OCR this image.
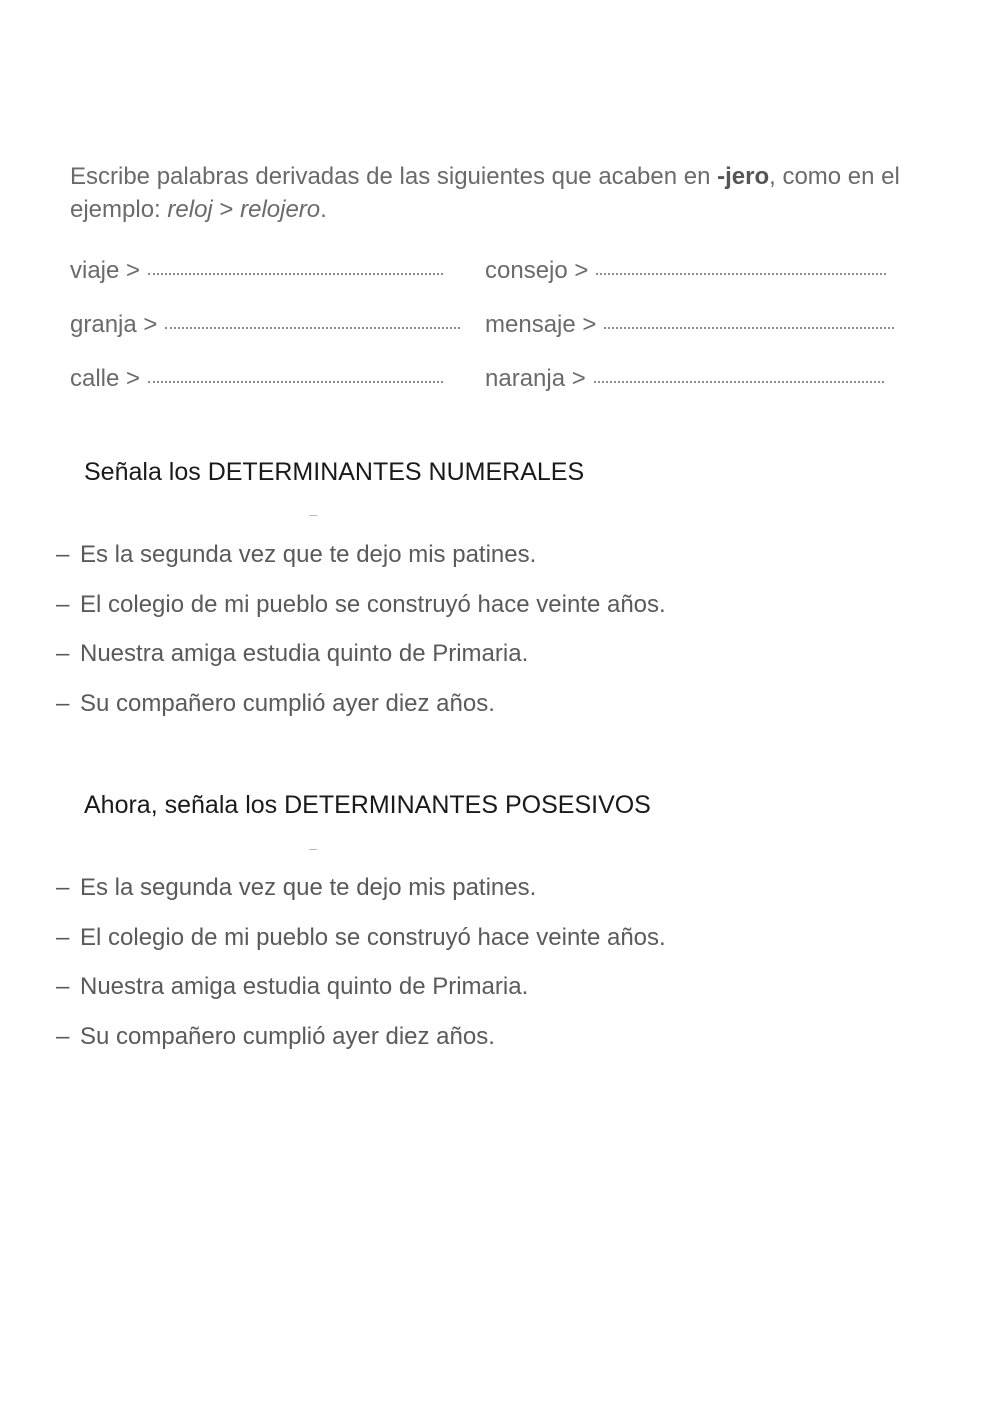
Escribe palabras derivadas de las siguientes que acaben en -jero, como en el ejemplo: reloj > relojero.

viaje >	consejo >
granja >	mensaje >
calle >	naranja >

Señala los DETERMINANTES NUMERALES

– Es la segunda vez que te dejo mis patines.
– El colegio de mi pueblo se construyó hace veinte años.
– Nuestra amiga estudia quinto de Primaria.
– Su compañero cumplió ayer diez años.

Ahora, señala los DETERMINANTES POSESIVOS

– Es la segunda vez que te dejo mis patines.
– El colegio de mi pueblo se construyó hace veinte años.
– Nuestra amiga estudia quinto de Primaria.
– Su compañero cumplió ayer diez años.
